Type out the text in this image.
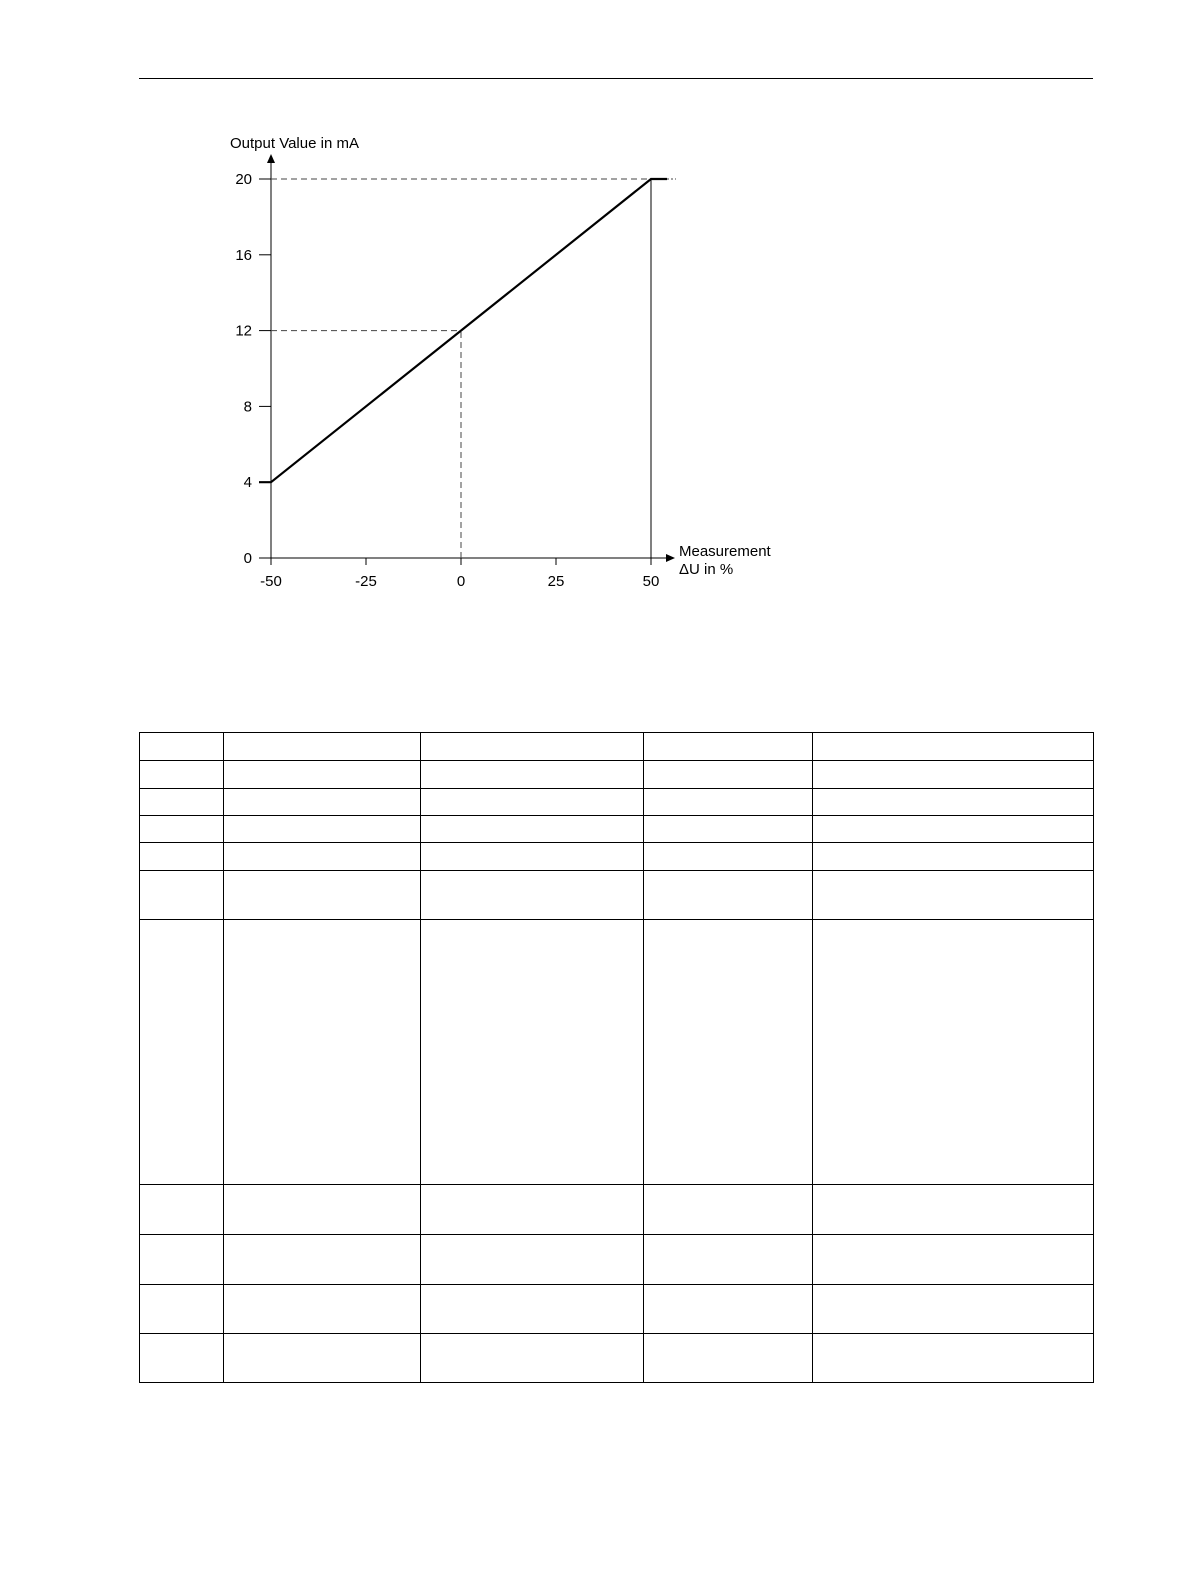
0
4
8
12
16
20
-50	-25	0	25	50
Output Value in mA
Measurement
ΔU in %
